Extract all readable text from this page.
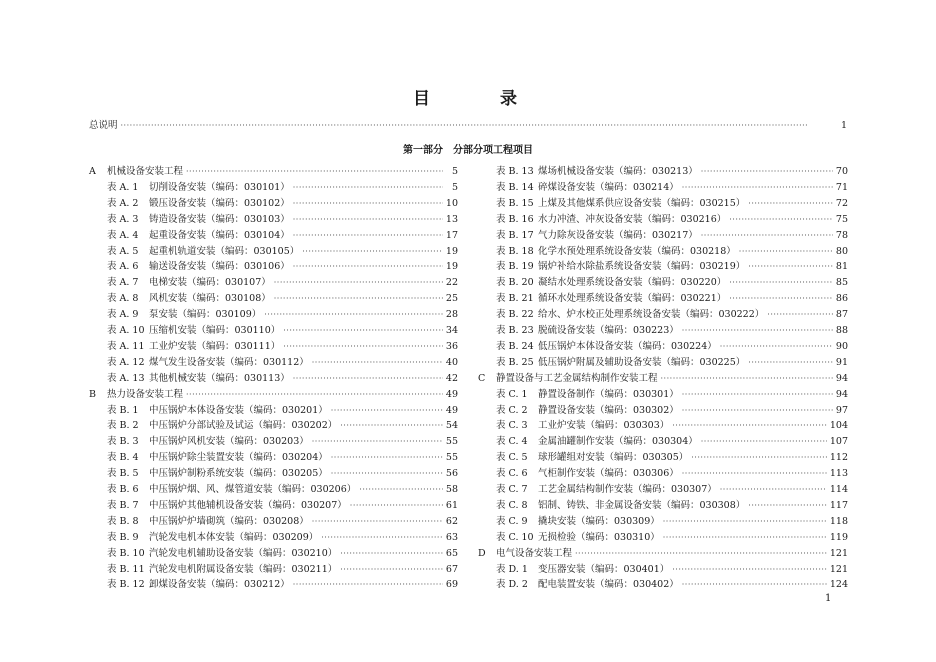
目	录
总说明 ·····	1
第一部分　分部分项工程项目
1
A	机械设备安装工程 ·····	5
表 A. 1	切削设备安装（编码：030101） ·····	5
表 A. 2	锻压设备安装（编码：030102） ·····	10
表 A. 3	铸造设备安装（编码：030103） ·····	13
表 A. 4	起重设备安装（编码：030104） ·····	17
表 A. 5	起重机轨道安装（编码：030105） ·····	19
表 A. 6	输送设备安装（编码：030106） ·····	19
表 A. 7	电梯安装（编码：030107） ·····	22
表 A. 8	风机安装（编码：030108） ·····	25
表 A. 9	泵安装（编码：030109） ·····	28
表 A. 10 压缩机安装（编码：030110） ·····	34
表 A. 11 工业炉安装（编码：030111） ·····	36
表 A. 12 煤气发生设备安装（编码：030112） ·····	40
表 A. 13 其他机械安装（编码：030113） ·····	42
B	热力设备安装工程 ·····	49
表 B. 1	中压锅炉本体设备安装（编码：030201） ·····	49
表 B. 2	中压锅炉分部试验及试运（编码：030202） ·····	54
表 B. 3	中压锅炉风机安装（编码：030203） ·····	55
表 B. 4	中压锅炉除尘装置安装（编码：030204） ·····	55
表 B. 5	中压锅炉制粉系统安装（编码：030205） ·····	56
表 B. 6	中压锅炉烟、风、煤管道安装（编码：030206） ·····	58
表 B. 7	中压锅炉其他辅机设备安装（编码：030207） ·····	61
表 B. 8	中压锅炉炉墙砌筑（编码：030208） ·····	62
表 B. 9	汽轮发电机本体安装（编码：030209） ·····	63
表 B. 10 汽轮发电机辅助设备安装（编码：030210） ·····	65
表 B. 11 汽轮发电机附属设备安装（编码：030211） ·····	67
表 B. 12 卸煤设备安装（编码：030212） ·····	69
表 B. 13 煤场机械设备安装（编码：030213） ·····	70
表 B. 14 碎煤设备安装（编码：030214） ·····	71
表 B. 15 上煤及其他煤系供应设备安装（编码：030215） ·····	72
表 B. 16 水力冲渣、冲灰设备安装（编码：030216） ·····	75
表 B. 17 气力除灰设备安装（编码：030217） ·····	78
表 B. 18 化学水预处理系统设备安装（编码：030218） ·····	80
表 B. 19 锅炉补给水除盐系统设备安装（编码：030219） ·····	81
表 B. 20 凝结水处理系统设备安装（编码：030220） ·····	85
表 B. 21 循环水处理系统设备安装（编码：030221） ·····	86
表 B. 22 给水、炉水校正处理系统设备安装（编码：030222） ·····	87
表 B. 23 脱硫设备安装（编码：030223） ·····	88
表 B. 24 低压锅炉本体设备安装（编码：030224） ·····	90
表 B. 25 低压锅炉附属及辅助设备安装（编码：030225） ·····	91
C	静置设备与工艺金属结构制作安装工程 ·····	94
表 C. 1	静置设备制作（编码：030301） ·····	94
表 C. 2	静置设备安装（编码：030302） ·····	97
表 C. 3	工业炉安装（编码：030303） ·····	104
表 C. 4	金属油罐制作安装（编码：030304） ·····	107
表 C. 5	球形罐组对安装（编码：030305） ·····	112
表 C. 6	气柜制作安装（编码：030306） ·····	113
表 C. 7	工艺金属结构制作安装（编码：030307） ·····	114
表 C. 8	铝制、铸铁、非金属设备安装（编码：030308） ·····	117
表 C. 9	撬块安装（编码：030309） ·····	118
表 C. 10 无损检验（编码：030310） ·····	119
D	电气设备安装工程 ·····	121
表 D. 1	变压器安装（编码：030401） ·····	121
表 D. 2	配电装置安装（编码：030402） ·····	124
